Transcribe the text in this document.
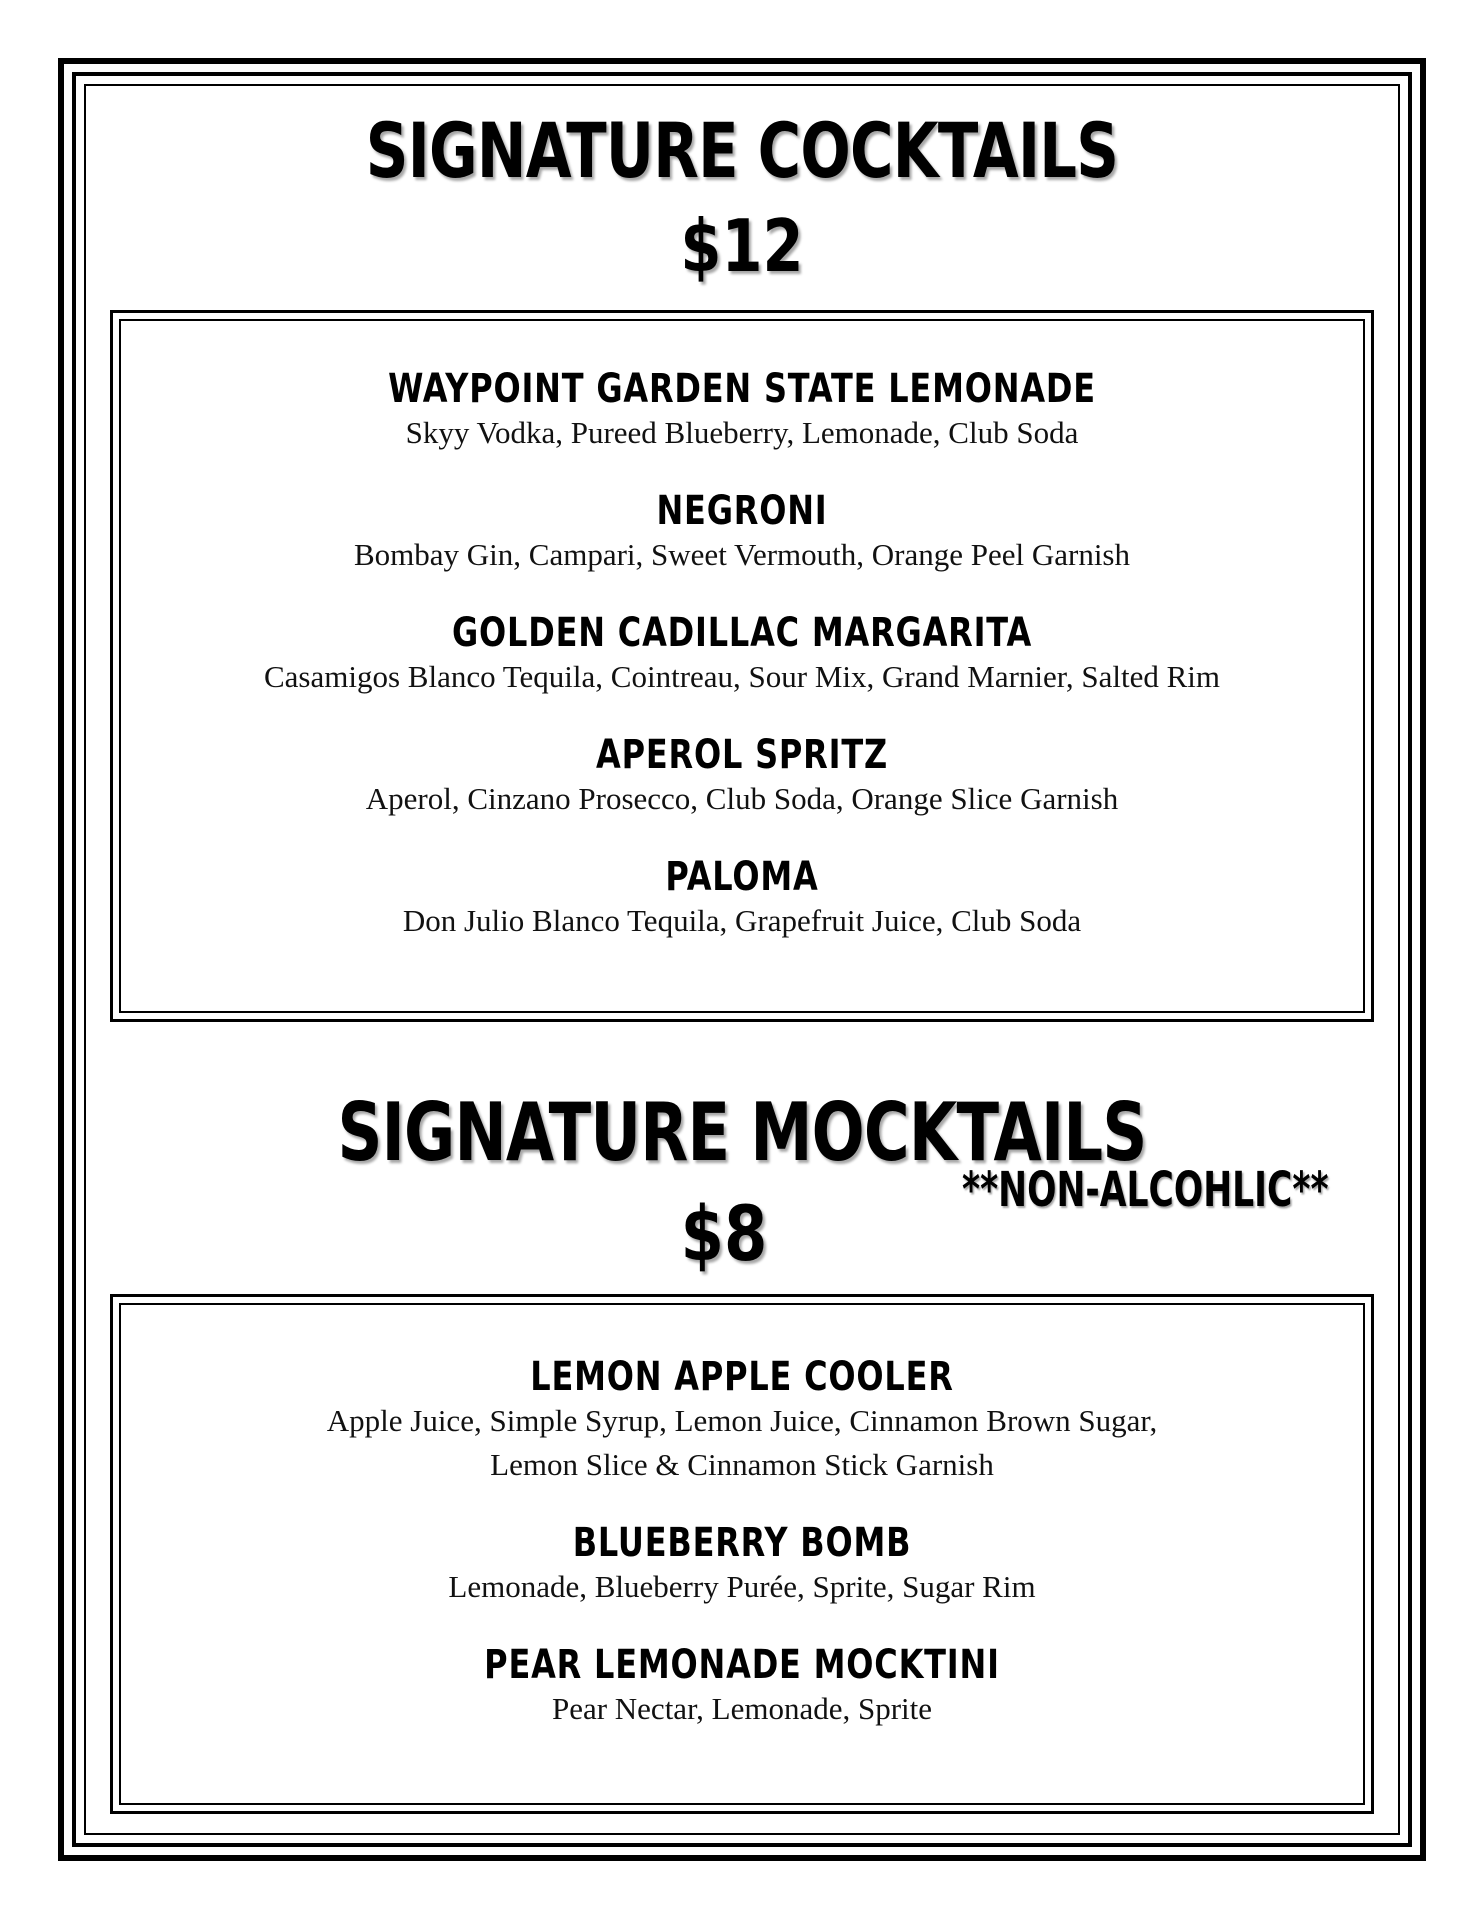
SIGNATURE COCKTAILS
$12
WAYPOINT GARDEN STATE LEMONADE
Skyy Vodka, Pureed Blueberry, Lemonade, Club Soda
NEGRONI
Bombay Gin, Campari, Sweet Vermouth, Orange Peel Garnish
GOLDEN CADILLAC MARGARITA
Casamigos Blanco Tequila, Cointreau, Sour Mix, Grand Marnier, Salted Rim
APEROL SPRITZ
Aperol, Cinzano Prosecco, Club Soda, Orange Slice Garnish
PALOMA
Don Julio Blanco Tequila, Grapefruit Juice, Club Soda
SIGNATURE MOCKTAILS
**NON-ALCOHLIC**
$8
LEMON APPLE COOLER
Apple Juice, Simple Syrup, Lemon Juice, Cinnamon Brown Sugar,
Lemon Slice & Cinnamon Stick Garnish
BLUEBERRY BOMB
Lemonade, Blueberry Purée, Sprite, Sugar Rim
PEAR LEMONADE MOCKTINI
Pear Nectar, Lemonade, Sprite
